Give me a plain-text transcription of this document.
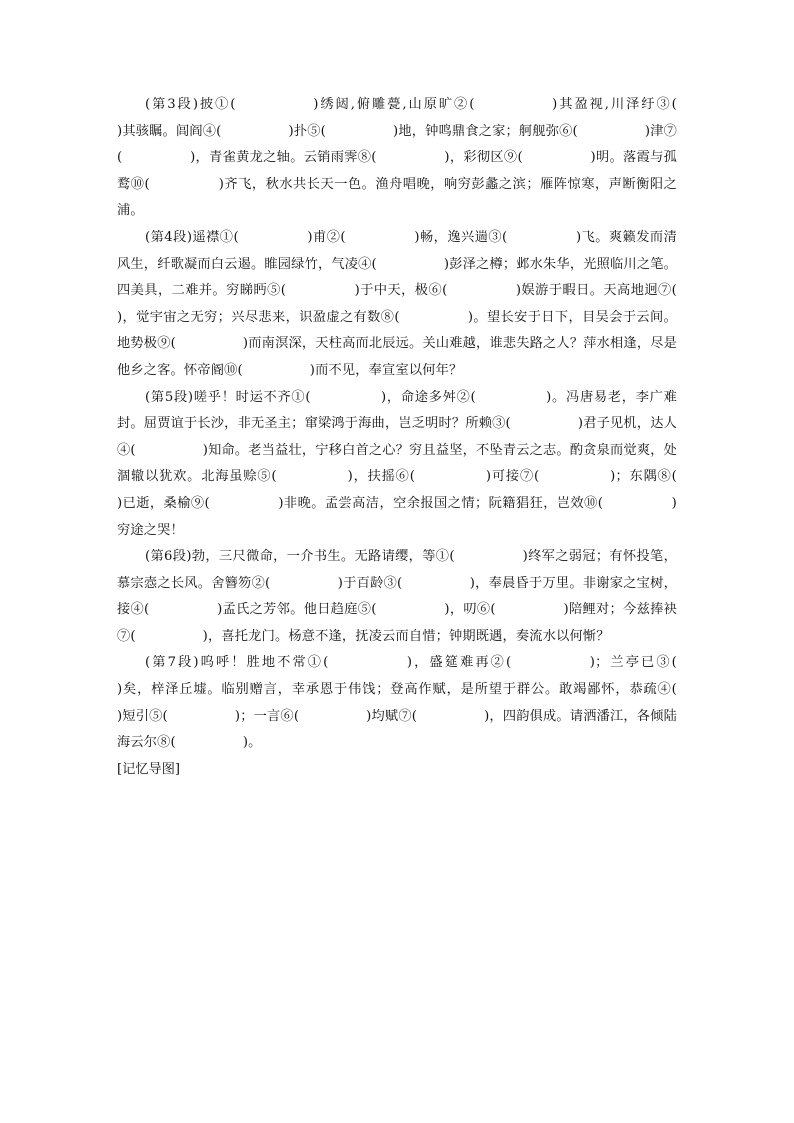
(第3段)披①(　　　　　)绣闼,俯雕甍,山原旷②(　　　　　)其盈视,川泽纡③(　　　　　)其骇瞩。闾阎④(　　　　　)扑⑤(　　　　　)地，钟鸣鼎食之家；舸舰弥⑥(　　　　　)津⑦(　　　　　)，青雀黄龙之轴。云销雨霁⑧(　　　　　)，彩彻区⑨(　　　　　)明。落霞与孤鹜⑩(　　　　　)齐飞，秋水共长天一色。渔舟唱晚，响穷彭蠡之滨；雁阵惊寒，声断衡阳之浦。

(第4段)遥襟①(　　　　　)甫②(　　　　　)畅，逸兴遄③(　　　　　)飞。爽籁发而清风生，纤歌凝而白云遏。睢园绿竹，气凌④(　　　　　)彭泽之樽；邺水朱华，光照临川之笔。四美具，二难并。穷睇眄⑤(　　　　　)于中天，极⑥(　　　　　)娱游于暇日。天高地迥⑦(　　　　　)，觉宇宙之无穷；兴尽悲来，识盈虚之有数⑧(　　　　　)。望长安于日下，目吴会于云间。地势极⑨(　　　　　)而南溟深，天柱高而北辰远。关山难越，谁悲失路之人？萍水相逢，尽是他乡之客。怀帝阍⑩(　　　　　)而不见，奉宣室以何年？

(第5段)嗟乎！时运不齐①(　　　　　)，命途多舛②(　　　　　)。冯唐易老，李广难封。屈贾谊于长沙，非无圣主；窜梁鸿于海曲，岂乏明时？所赖③(　　　　　)君子见机，达人④(　　　　　)知命。老当益壮，宁移白首之心？穷且益坚，不坠青云之志。酌贪泉而觉爽，处涸辙以犹欢。北海虽赊⑤(　　　　　)，扶摇⑥(　　　　　)可接⑦(　　　　　)；东隅⑧(　　　　　)已逝，桑榆⑨(　　　　　)非晚。孟尝高洁，空余报国之情；阮籍猖狂，岂效⑩(　　　　　)穷途之哭！

(第6段)勃，三尺微命，一介书生。无路请缨，等①(　　　　　)终军之弱冠；有怀投笔，慕宗悫之长风。舍簪笏②(　　　　　)于百龄③(　　　　　)，奉晨昏于万里。非谢家之宝树，接④(　　　　　)孟氏之芳邻。他日趋庭⑤(　　　　　)，叨⑥(　　　　　)陪鲤对；今兹捧袂⑦(　　　　　)，喜托龙门。杨意不逢，抚凌云而自惜；钟期既遇，奏流水以何惭？

(第7段)呜呼！胜地不常①(　　　　　)，盛筵难再②(　　　　　)；兰亭已③(　　　　　)矣，梓泽丘墟。临别赠言，幸承恩于伟饯；登高作赋，是所望于群公。敢竭鄙怀，恭疏④(　　　　　)短引⑤(　　　　　)；一言⑥(　　　　　)均赋⑦(　　　　　)，四韵俱成。请洒潘江，各倾陆海云尔⑧(　　　　　)。

[记忆导图]
